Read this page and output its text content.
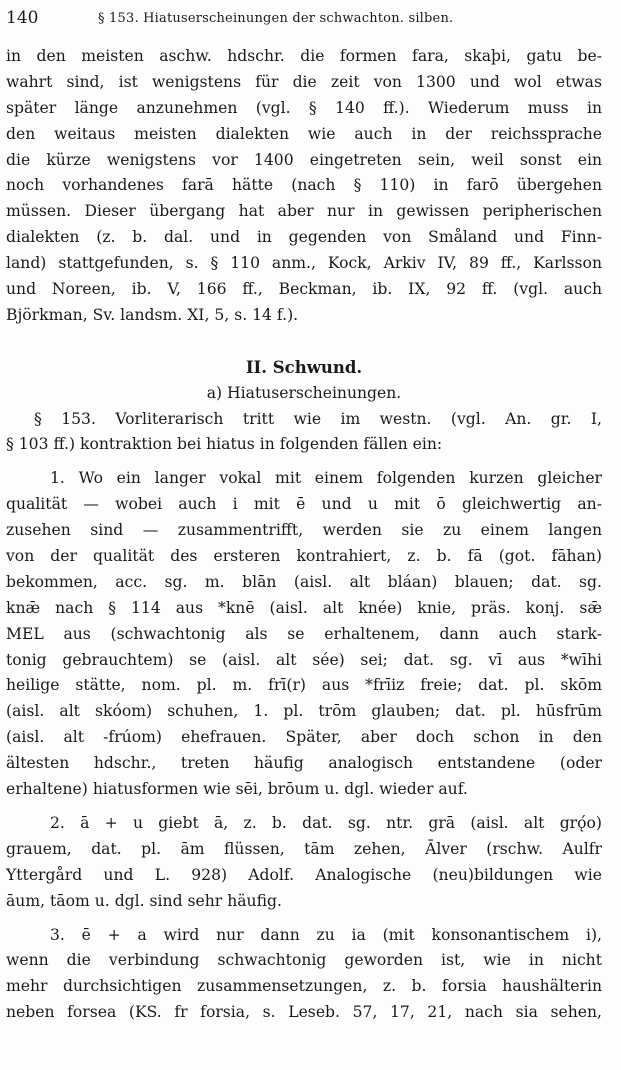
140	§ 153. Hiatuserscheinungen der schwachton. silben.
in den meisten aschw. hdschr. die formen fara, skaþi, gatu be-
wahrt sind, ist wenigstens für die zeit von 1300 und wol etwas
später länge anzunehmen (vgl. § 140 ff.). Wiederum muss in
den weitaus meisten dialekten wie auch in der reichssprache
die kürze wenigstens vor 1400 eingetreten sein, weil sonst ein
noch vorhandenes farā hätte (nach § 110) in farō übergehen
müssen. Dieser übergang hat aber nur in gewissen peripherischen
dialekten (z. b. dal. und in gegenden von Småland und Finn-
land) stattgefunden, s. § 110 anm., Kock, Arkiv IV, 89 ff., Karlsson
und Noreen, ib. V, 166 ff., Beckman, ib. IX, 92 ff. (vgl. auch
Björkman, Sv. landsm. XI, 5, s. 14 f.).
II. Schwund.
a) Hiatuserscheinungen.
§ 153. Vorliterarisch tritt wie im westn. (vgl. An. gr. I,
§ 103 ff.) kontraktion bei hiatus in folgenden fällen ein:
1. Wo ein langer vokal mit einem folgenden kurzen gleicher
qualität — wobei auch i mit ē und u mit ō gleichwertig an-
zusehen sind — zusammentrifft, werden sie zu einem langen
von der qualität des ersteren kontrahiert, z. b. fā (got. fāhan)
bekommen, acc. sg. m. blān (aisl. alt bláan) blauen; dat. sg.
knǣ nach § 114 aus *knē (aisl. alt knée) knie, präs. konj. sǣ
MEL aus (schwachtonig als se erhaltenem, dann auch stark-
tonig gebrauchtem) se (aisl. alt sée) sei; dat. sg. vī aus *wīhi
heilige stätte, nom. pl. m. frī(r) aus *frīiz freie; dat. pl. skōm
(aisl. alt skóom) schuhen, 1. pl. trōm glauben; dat. pl. hūsfrūm
(aisl. alt -frúom) ehefrauen. Später, aber doch schon in den
ältesten hdschr., treten häufig analogisch entstandene (oder
erhaltene) hiatusformen wie sēi, brōum u. dgl. wieder auf.
2. ā + u giebt ā, z. b. dat. sg. ntr. grā (aisl. alt grǫ́o)
grauem, dat. pl. ām flüssen, tām zehen, Ālver (rschw. Aulfr
Yttergård und L. 928) Adolf. Analogische (neu)bildungen wie
āum, tāom u. dgl. sind sehr häufig.
3. ē + a wird nur dann zu ia (mit konsonantischem i),
wenn die verbindung schwachtonig geworden ist, wie in nicht
mehr durchsichtigen zusammensetzungen, z. b. forsia haushälterin
neben forsea (KS. fr forsia, s. Leseb. 57, 17, 21, nach sia sehen,
